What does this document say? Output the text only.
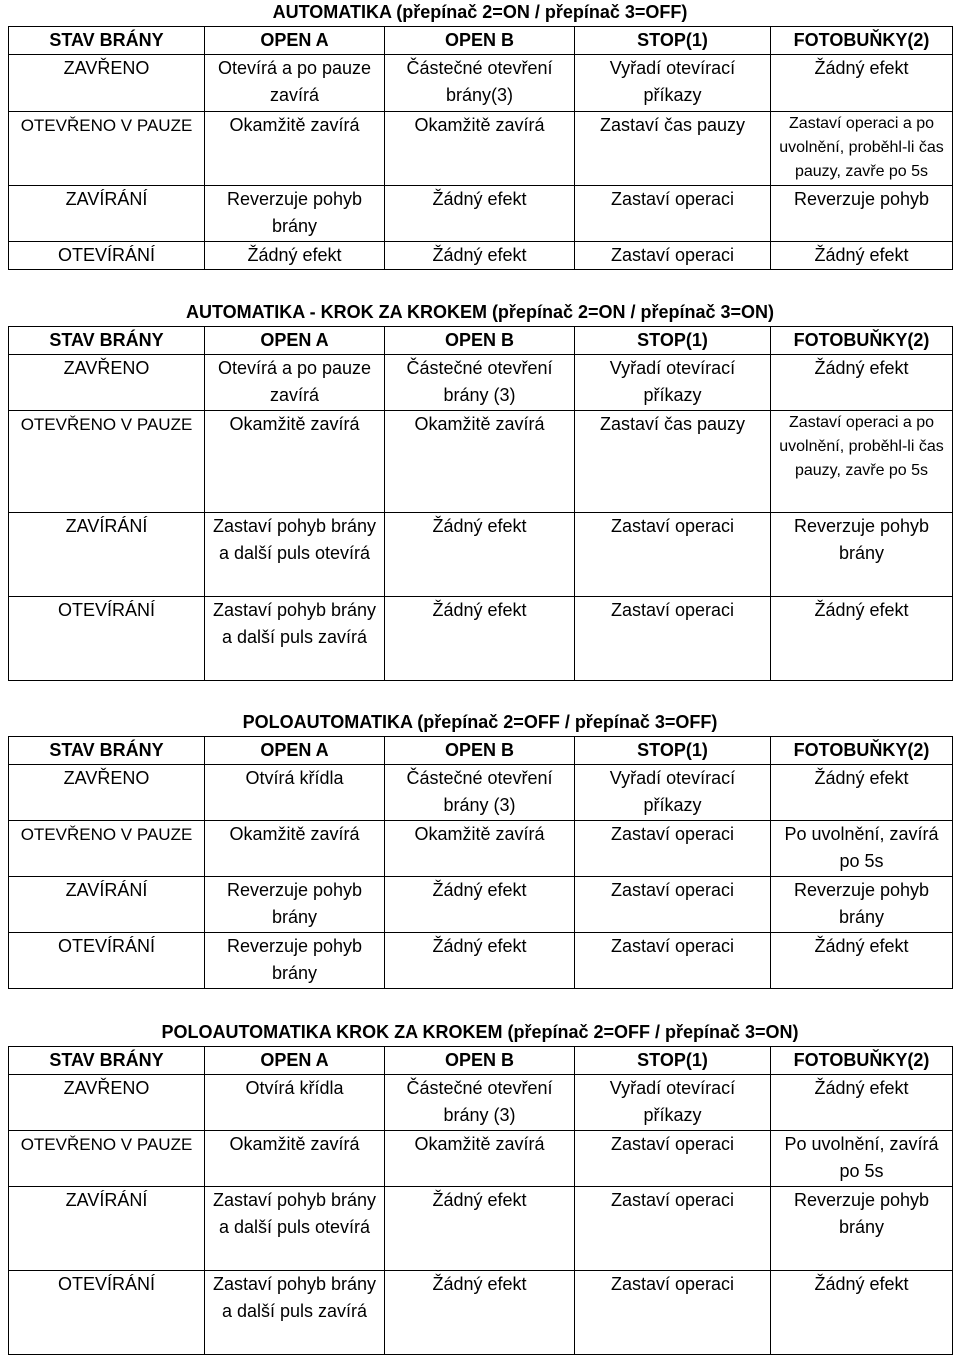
AUTOMATIKA (přepínač 2=ON / přepínač 3=OFF)
STAV BRÁNY	OPEN A	OPEN B	STOP(1)	FOTOBUŇKY(2)
ZAVŘENO	Otevírá a po pauze zavírá	Částečné otevření brány(3)	Vyřadí otevírací příkazy	Žádný efekt
OTEVŘENO V PAUZE	Okamžitě zavírá	Okamžitě zavírá	Zastaví čas pauzy	Zastaví operaci a po uvolnění, proběhl-li čas pauzy, zavře po 5s
ZAVÍRÁNÍ	Reverzuje pohyb brány	Žádný efekt	Zastaví operaci	Reverzuje pohyb
OTEVÍRÁNÍ	Žádný efekt	Žádný efekt	Zastaví operaci	Žádný efekt
AUTOMATIKA - KROK ZA KROKEM (přepínač 2=ON / přepínač 3=ON)
STAV BRÁNY	OPEN A	OPEN B	STOP(1)	FOTOBUŇKY(2)
ZAVŘENO	Otevírá a po pauze zavírá	Částečné otevření brány (3)	Vyřadí otevírací příkazy	Žádný efekt
OTEVŘENO V PAUZE	Okamžitě zavírá	Okamžitě zavírá	Zastaví čas pauzy	Zastaví operaci a po uvolnění, proběhl-li čas pauzy, zavře po 5s
ZAVÍRÁNÍ	Zastaví pohyb brány a další puls otevírá	Žádný efekt	Zastaví operaci	Reverzuje pohyb brány
OTEVÍRÁNÍ	Zastaví pohyb brány a další puls zavírá	Žádný efekt	Zastaví operaci	Žádný efekt
POLOAUTOMATIKA (přepínač 2=OFF / přepínač 3=OFF)
STAV BRÁNY	OPEN A	OPEN B	STOP(1)	FOTOBUŇKY(2)
ZAVŘENO	Otvírá křídla	Částečné otevření brány (3)	Vyřadí otevírací příkazy	Žádný efekt
OTEVŘENO V PAUZE	Okamžitě zavírá	Okamžitě zavírá	Zastaví operaci	Po uvolnění, zavírá po 5s
ZAVÍRÁNÍ	Reverzuje pohyb brány	Žádný efekt	Zastaví operaci	Reverzuje pohyb brány
OTEVÍRÁNÍ	Reverzuje pohyb brány	Žádný efekt	Zastaví operaci	Žádný efekt
POLOAUTOMATIKA KROK ZA KROKEM (přepínač 2=OFF / přepínač 3=ON)
STAV BRÁNY	OPEN A	OPEN B	STOP(1)	FOTOBUŇKY(2)
ZAVŘENO	Otvírá křídla	Částečné otevření brány (3)	Vyřadí otevírací příkazy	Žádný efekt
OTEVŘENO V PAUZE	Okamžitě zavírá	Okamžitě zavírá	Zastaví operaci	Po uvolnění, zavírá po 5s
ZAVÍRÁNÍ	Zastaví pohyb brány a další puls otevírá	Žádný efekt	Zastaví operaci	Reverzuje pohyb brány
OTEVÍRÁNÍ	Zastaví pohyb brány a další puls zavírá	Žádný efekt	Zastaví operaci	Žádný efekt
